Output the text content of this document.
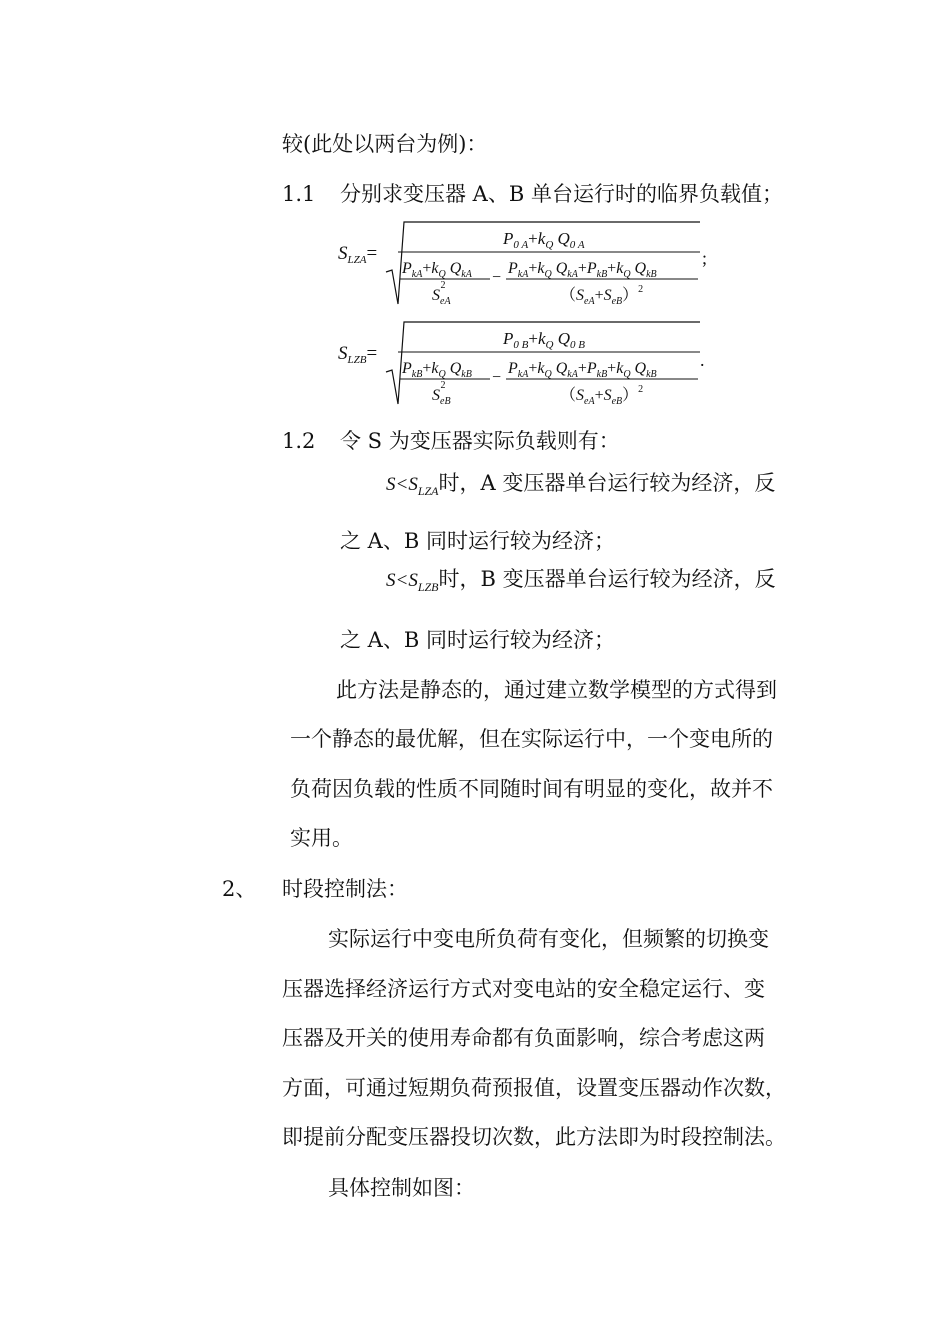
较(此处以两台为例)：
1.1 分别求变压器 A、B 单台运行时的临界负载值；
$S_{LZA}=$
$P_{0 A}+k_Q$ $Q_{0 A}$
$P_{kA}+k_Q$ $Q_{kA}$
$S_{eA}2$	−
$P_{kA}+k_Q$ $Q_{kA}+P_{kB}+k_Q$ $Q_{kB}$
$(S_{eA}+S_{eB})^2$
;
$S_{LZB}=$
$P_{0 B}+k_Q$ $Q_{0 B}$
$P_{kB}+k_Q$ $Q_{kB}$
$S_{eB}2$	−
$P_{kA}+k_Q$ $Q_{kA}+P_{kB}+k_Q$ $Q_{kB}$
$(S_{eA}+S_{eB})^2$
.
1.2 令 S 为变压器实际负载则有：
$S<S_{LZA}$时，A 变压器单台运行较为经济，反
之 A、B 同时运行较为经济；
$S<S_{LZB}$时，B 变压器单台运行较为经济，反
之 A、B 同时运行较为经济；
此方法是静态的，通过建立数学模型的方式得到
一个静态的最优解，但在实际运行中，一个变电所的
负荷因负载的性质不同随时间有明显的变化，故并不
实用。
2、 时段控制法：
实际运行中变电所负荷有变化，但频繁的切换变
压器选择经济运行方式对变电站的安全稳定运行、变
压器及开关的使用寿命都有负面影响，综合考虑这两
方面，可通过短期负荷预报值，设置变压器动作次数，
即提前分配变压器投切次数，此方法即为时段控制法。
具体控制如图：
